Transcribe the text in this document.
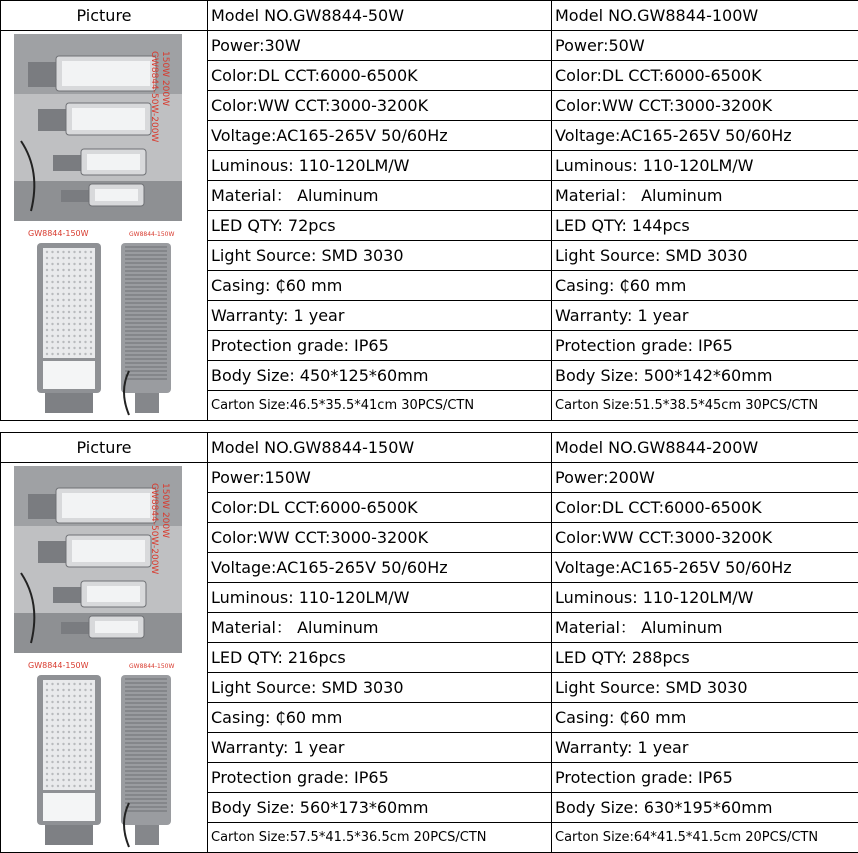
Picture	Model NO.GW8844-50W	Model NO.GW8844-100W

GW8844-50W-200W 150W 200W
GW8844-150W GW8844-150W	Power:30W	Power:50W
	Color:DL CCT:6000-6500K	Color:DL CCT:6000-6500K
	Color:WW CCT:3000-3200K	Color:WW CCT:3000-3200K
	Voltage:AC165-265V 50/60Hz	Voltage:AC165-265V 50/60Hz
	Luminous: 110-120LM/W	Luminous: 110-120LM/W
	Material： Aluminum	Material： Aluminum
	LED QTY: 72pcs	LED QTY: 144pcs
	Light Source: SMD 3030	Light Source: SMD 3030
	Casing: ₵60 mm	Casing: ₵60 mm
	Warranty: 1 year	Warranty: 1 year
	Protection grade: IP65	Protection grade: IP65
	Body Size: 450*125*60mm	Body Size: 500*142*60mm
	Carton Size:46.5*35.5*41cm 30PCS/CTN	Carton Size:51.5*38.5*45cm 30PCS/CTN
Picture	Model NO.GW8844-150W	Model NO.GW8844-200W

GW8844-50W-200W 150W 200W
GW8844-150W GW8844-150W	Power:150W	Power:200W
	Color:DL CCT:6000-6500K	Color:DL CCT:6000-6500K
	Color:WW CCT:3000-3200K	Color:WW CCT:3000-3200K
	Voltage:AC165-265V 50/60Hz	Voltage:AC165-265V 50/60Hz
	Luminous: 110-120LM/W	Luminous: 110-120LM/W
	Material： Aluminum	Material： Aluminum
	LED QTY: 216pcs	LED QTY: 288pcs
	Light Source: SMD 3030	Light Source: SMD 3030
	Casing: ₵60 mm	Casing: ₵60 mm
	Warranty: 1 year	Warranty: 1 year
	Protection grade: IP65	Protection grade: IP65
	Body Size: 560*173*60mm	Body Size: 630*195*60mm
	Carton Size:57.5*41.5*36.5cm 20PCS/CTN	Carton Size:64*41.5*41.5cm 20PCS/CTN
